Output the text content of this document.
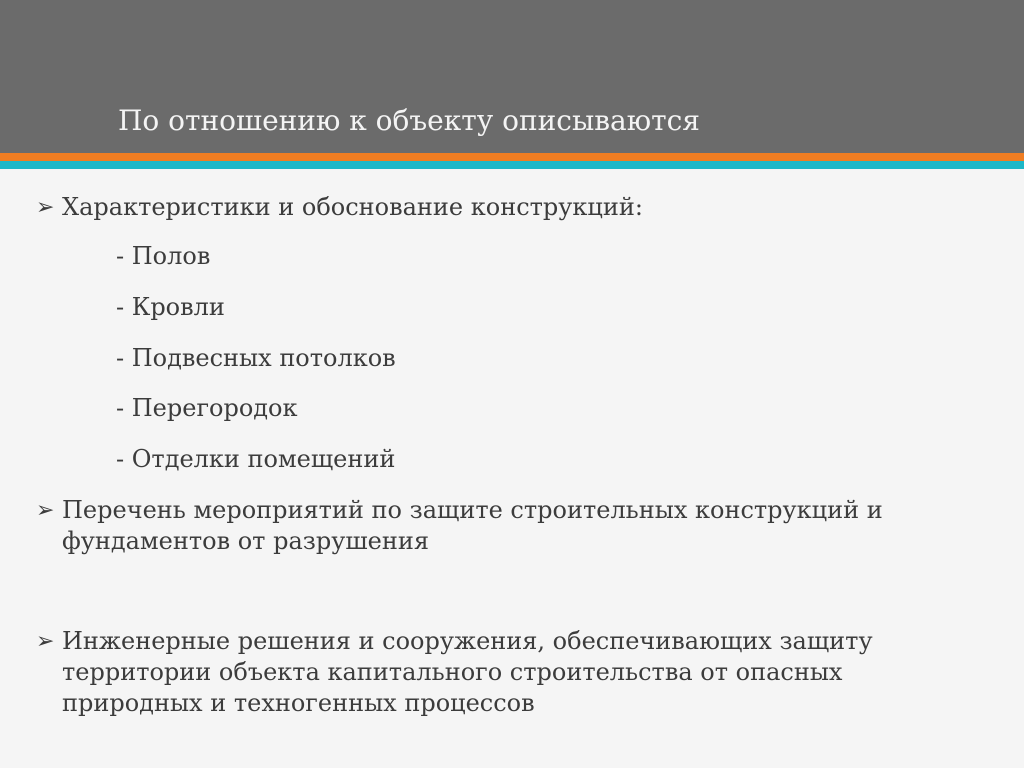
По отношению к объекту описываются
➢ Характеристики и обоснование конструкций:
- Полов
- Кровли
- Подвесных потолков
- Перегородок
- Отделки помещений
➢ Перечень мероприятий по защите строительных конструкций и
фундаментов от разрушения
➢ Инженерные решения и сооружения, обеспечивающих защиту
территории объекта капитального строительства от опасных
природных и техногенных процессов
